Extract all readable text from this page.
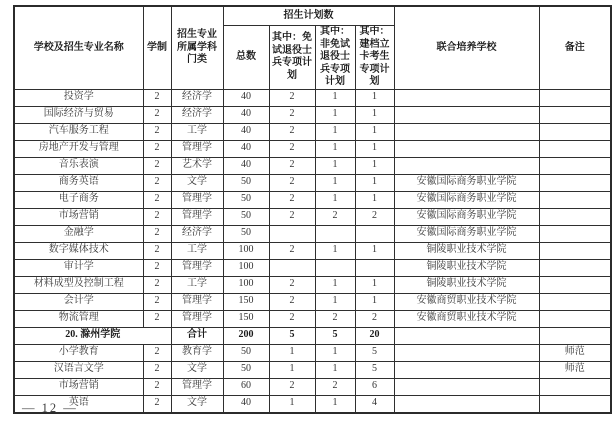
学校及招生专业名称	学制	招生专业所属学科门类	招生计划数				联合培养学校	备注
			总数	其中：免试退役士兵专项计划	其中：非免试退役士兵专项计划	其中：建档立卡考生专项计划		
投资学	2	经济学	40	2	1	1		
国际经济与贸易	2	经济学	40	2	1	1		
汽车服务工程	2	工学	40	2	1	1		
房地产开发与管理	2	管理学	40	2	1	1		
音乐表演	2	艺术学	40	2	1	1		
商务英语	2	文学	50	2	1	1	安徽国际商务职业学院	
电子商务	2	管理学	50	2	1	1	安徽国际商务职业学院	
市场营销	2	管理学	50	2	2	2	安徽国际商务职业学院	
金融学	2	经济学	50				安徽国际商务职业学院	
数字媒体技术	2	工学	100	2	1	1	铜陵职业技术学院	
审计学	2	管理学	100				铜陵职业技术学院	
材料成型及控制工程	2	工学	100	2	1	1	铜陵职业技术学院	
会计学	2	管理学	150	2	1	1	安徽商贸职业技术学院	
物流管理	2	管理学	150	2	2	2	安徽商贸职业技术学院	
20. 滁州学院		合计	200	5	5	20		
小学教育	2	教育学	50	1	1	5		师范
汉语言文学	2	文学	50	1	1	5		师范
市场营销	2	管理学	60	2	2	6		
英语	2	文学	40	1	1	4		
— 12 —
